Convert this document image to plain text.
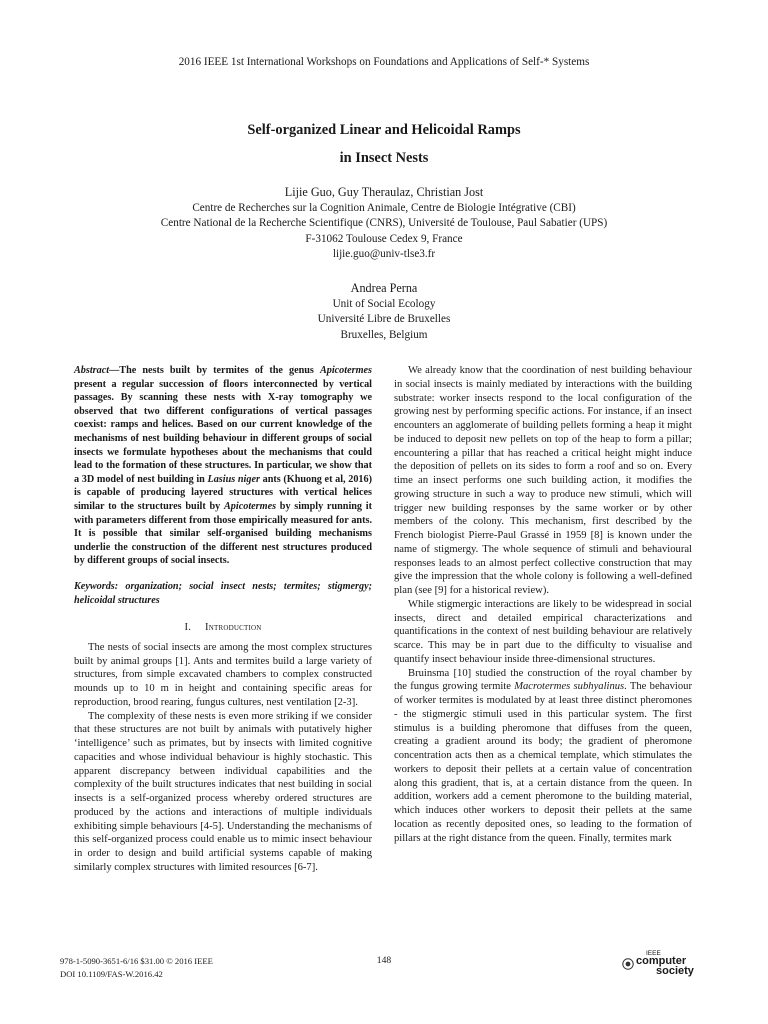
2016 IEEE 1st International Workshops on Foundations and Applications of Self-* Systems
Self-organized Linear and Helicoidal Ramps
in Insect Nests
Lijie Guo, Guy Theraulaz, Christian Jost
Centre de Recherches sur la Cognition Animale, Centre de Biologie Intégrative (CBI)
Centre National de la Recherche Scientifique (CNRS), Université de Toulouse, Paul Sabatier (UPS)
F-31062 Toulouse Cedex 9, France
lijie.guo@univ-tlse3.fr
Andrea Perna
Unit of Social Ecology
Université Libre de Bruxelles
Bruxelles, Belgium

Abstract—The nests built by termites of the genus Apicotermes present a regular succession of floors interconnected by vertical passages. By scanning these nests with X-ray tomography we observed that two different configurations of vertical passages coexist: ramps and helices. Based on our current knowledge of the mechanisms of nest building behaviour in different groups of social insects we formulate hypotheses about the mechanisms that could lead to the formation of these structures. In particular, we show that a 3D model of nest building in Lasius niger ants (Khuong et al, 2016) is capable of producing layered structures with vertical helices similar to the structures built by Apicotermes by simply running it with parameters different from those empirically measured for ants. It is possible that similar self-organised building mechanisms underlie the construction of the different nest structures produced by different groups of social insects.

Keywords: organization; social insect nests; termites; stigmergy; helicoidal structures

I. Introduction

The nests of social insects are among the most complex structures built by animal groups [1]. Ants and termites build a large variety of structures, from simple excavated chambers to complex constructed mounds up to 10 m in height and containing specific areas for reproduction, brood rearing, fungus cultures, nest ventilation [2-3].

The complexity of these nests is even more striking if we consider that these structures are not built by animals with putatively higher ‘intelligence’ such as primates, but by insects with limited cognitive capacities and whose individual behaviour is highly stochastic. This apparent discrepancy between individual capabilities and the complexity of the built structures indicates that nest building in social insects is a self-organized process whereby ordered structures are produced by the actions and interactions of multiple individuals exhibiting simple behaviours [4-5]. Understanding the mechanisms of this self-organized process could enable us to mimic insect behaviour in order to design and build artificial systems capable of making similarly complex structures with limited resources [6-7].

We already know that the coordination of nest building behaviour in social insects is mainly mediated by interactions with the building substrate: worker insects respond to the local configuration of the growing nest by performing specific actions. For instance, if an insect encounters an agglomerate of building pellets forming a heap it might be induced to deposit new pellets on top of the heap to form a pillar; encountering a pillar that has reached a critical height might induce the deposition of pellets on its sides to form a roof and so on. Every time an insect performs one such building action, it modifies the growing structure in such a way to produce new stimuli, which will trigger new building responses by the same worker or by other members of the colony. This mechanism, first described by the French biologist Pierre-Paul Grassé in 1959 [8] is known under the name of stigmergy. The whole sequence of stimuli and behavioural responses leads to an almost perfect collective construction that may give the impression that the whole colony is following a well-defined plan (see [9] for a historical review).

While stigmergic interactions are likely to be widespread in social insects, direct and detailed empirical characterizations and quantifications in the context of nest building behaviour are relatively scarce. This may be in part due to the difficulty to visualise and quantify insect behaviour inside three-dimensional structures.

Bruinsma [10] studied the construction of the royal chamber by the fungus growing termite Macrotermes subhyalinus. The behaviour of worker termites is modulated by at least three distinct pheromones - the stigmergic stimuli used in this particular system. The first stimulus is a building pheromone that diffuses from the queen, creating a gradient around its body; the gradient of pheromone concentration acts then as a chemical template, which stimulates the workers to deposit their pellets at a certain value of concentration along this gradient, that is, at a certain distance from the queen. In addition, workers add a cement pheromone to the building material, which induces other workers to deposit their pellets at the same location as recently deposited ones, so leading to the formation of pillars at the right distance from the queen. Finally, termites mark

978-1-5090-3651-6/16 $31.00 © 2016 IEEE
DOI 10.1109/FAS-W.2016.42
148
IEEE
computer
society
